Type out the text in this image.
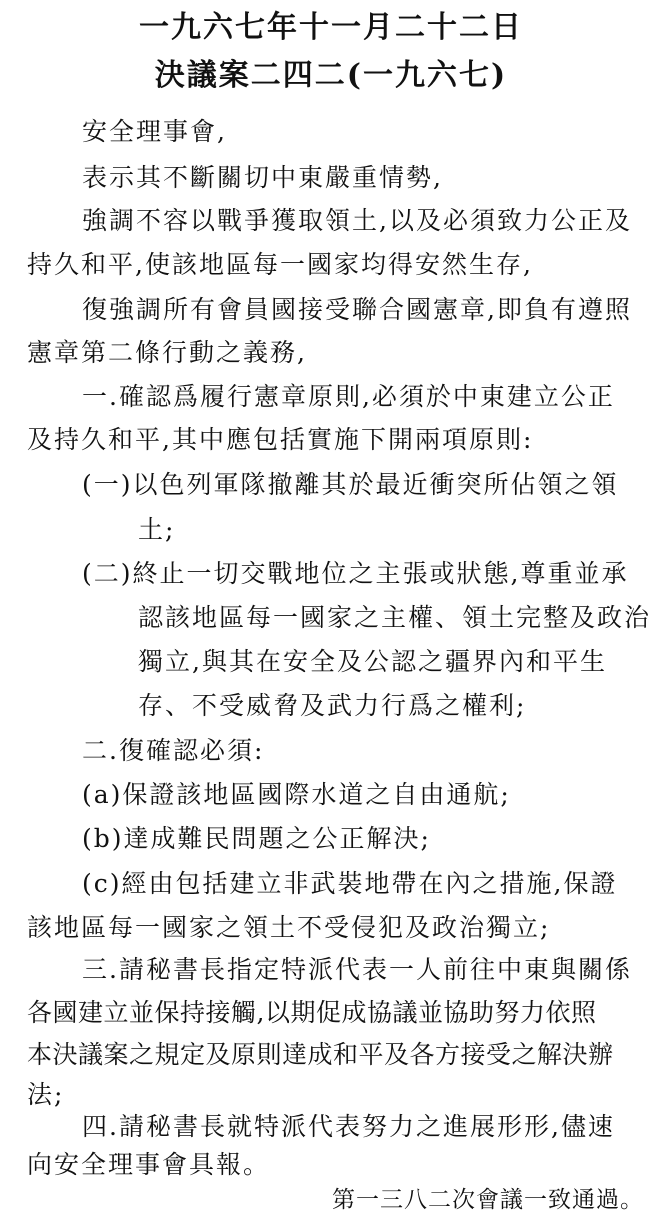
一九六七年十一月二十二日
決議案二四二(一九六七)
安全理事會,
表示其不斷關切中東嚴重情勢,
強調不容以戰爭獲取領土,以及必須致力公正及
持久和平,使該地區每一國家均得安然生存,
復強調所有會員國接受聯合國憲章,即負有遵照
憲章第二條行動之義務,
一.確認爲履行憲章原則,必須於中東建立公正
及持久和平,其中應包括實施下開兩項原則:
(一)以色列軍隊撤離其於最近衝突所佔領之領
土;
(二)終止一切交戰地位之主張或狀態,尊重並承
認該地區每一國家之主權、領土完整及政治
獨立,與其在安全及公認之疆界內和平生
存、不受威脅及武力行爲之權利;
二.復確認必須:
(a)保證該地區國際水道之自由通航;
(b)達成難民問題之公正解決;
(c)經由包括建立非武裝地帶在內之措施,保證
該地區每一國家之領土不受侵犯及政治獨立;
三.請秘書長指定特派代表一人前往中東與關係
各國建立並保持接觸,以期促成協議並協助努力依照
本決議案之規定及原則達成和平及各方接受之解決辦
法;
四.請秘書長就特派代表努力之進展形形,儘速
向安全理事會具報。
第一三八二次會議一致通過。
